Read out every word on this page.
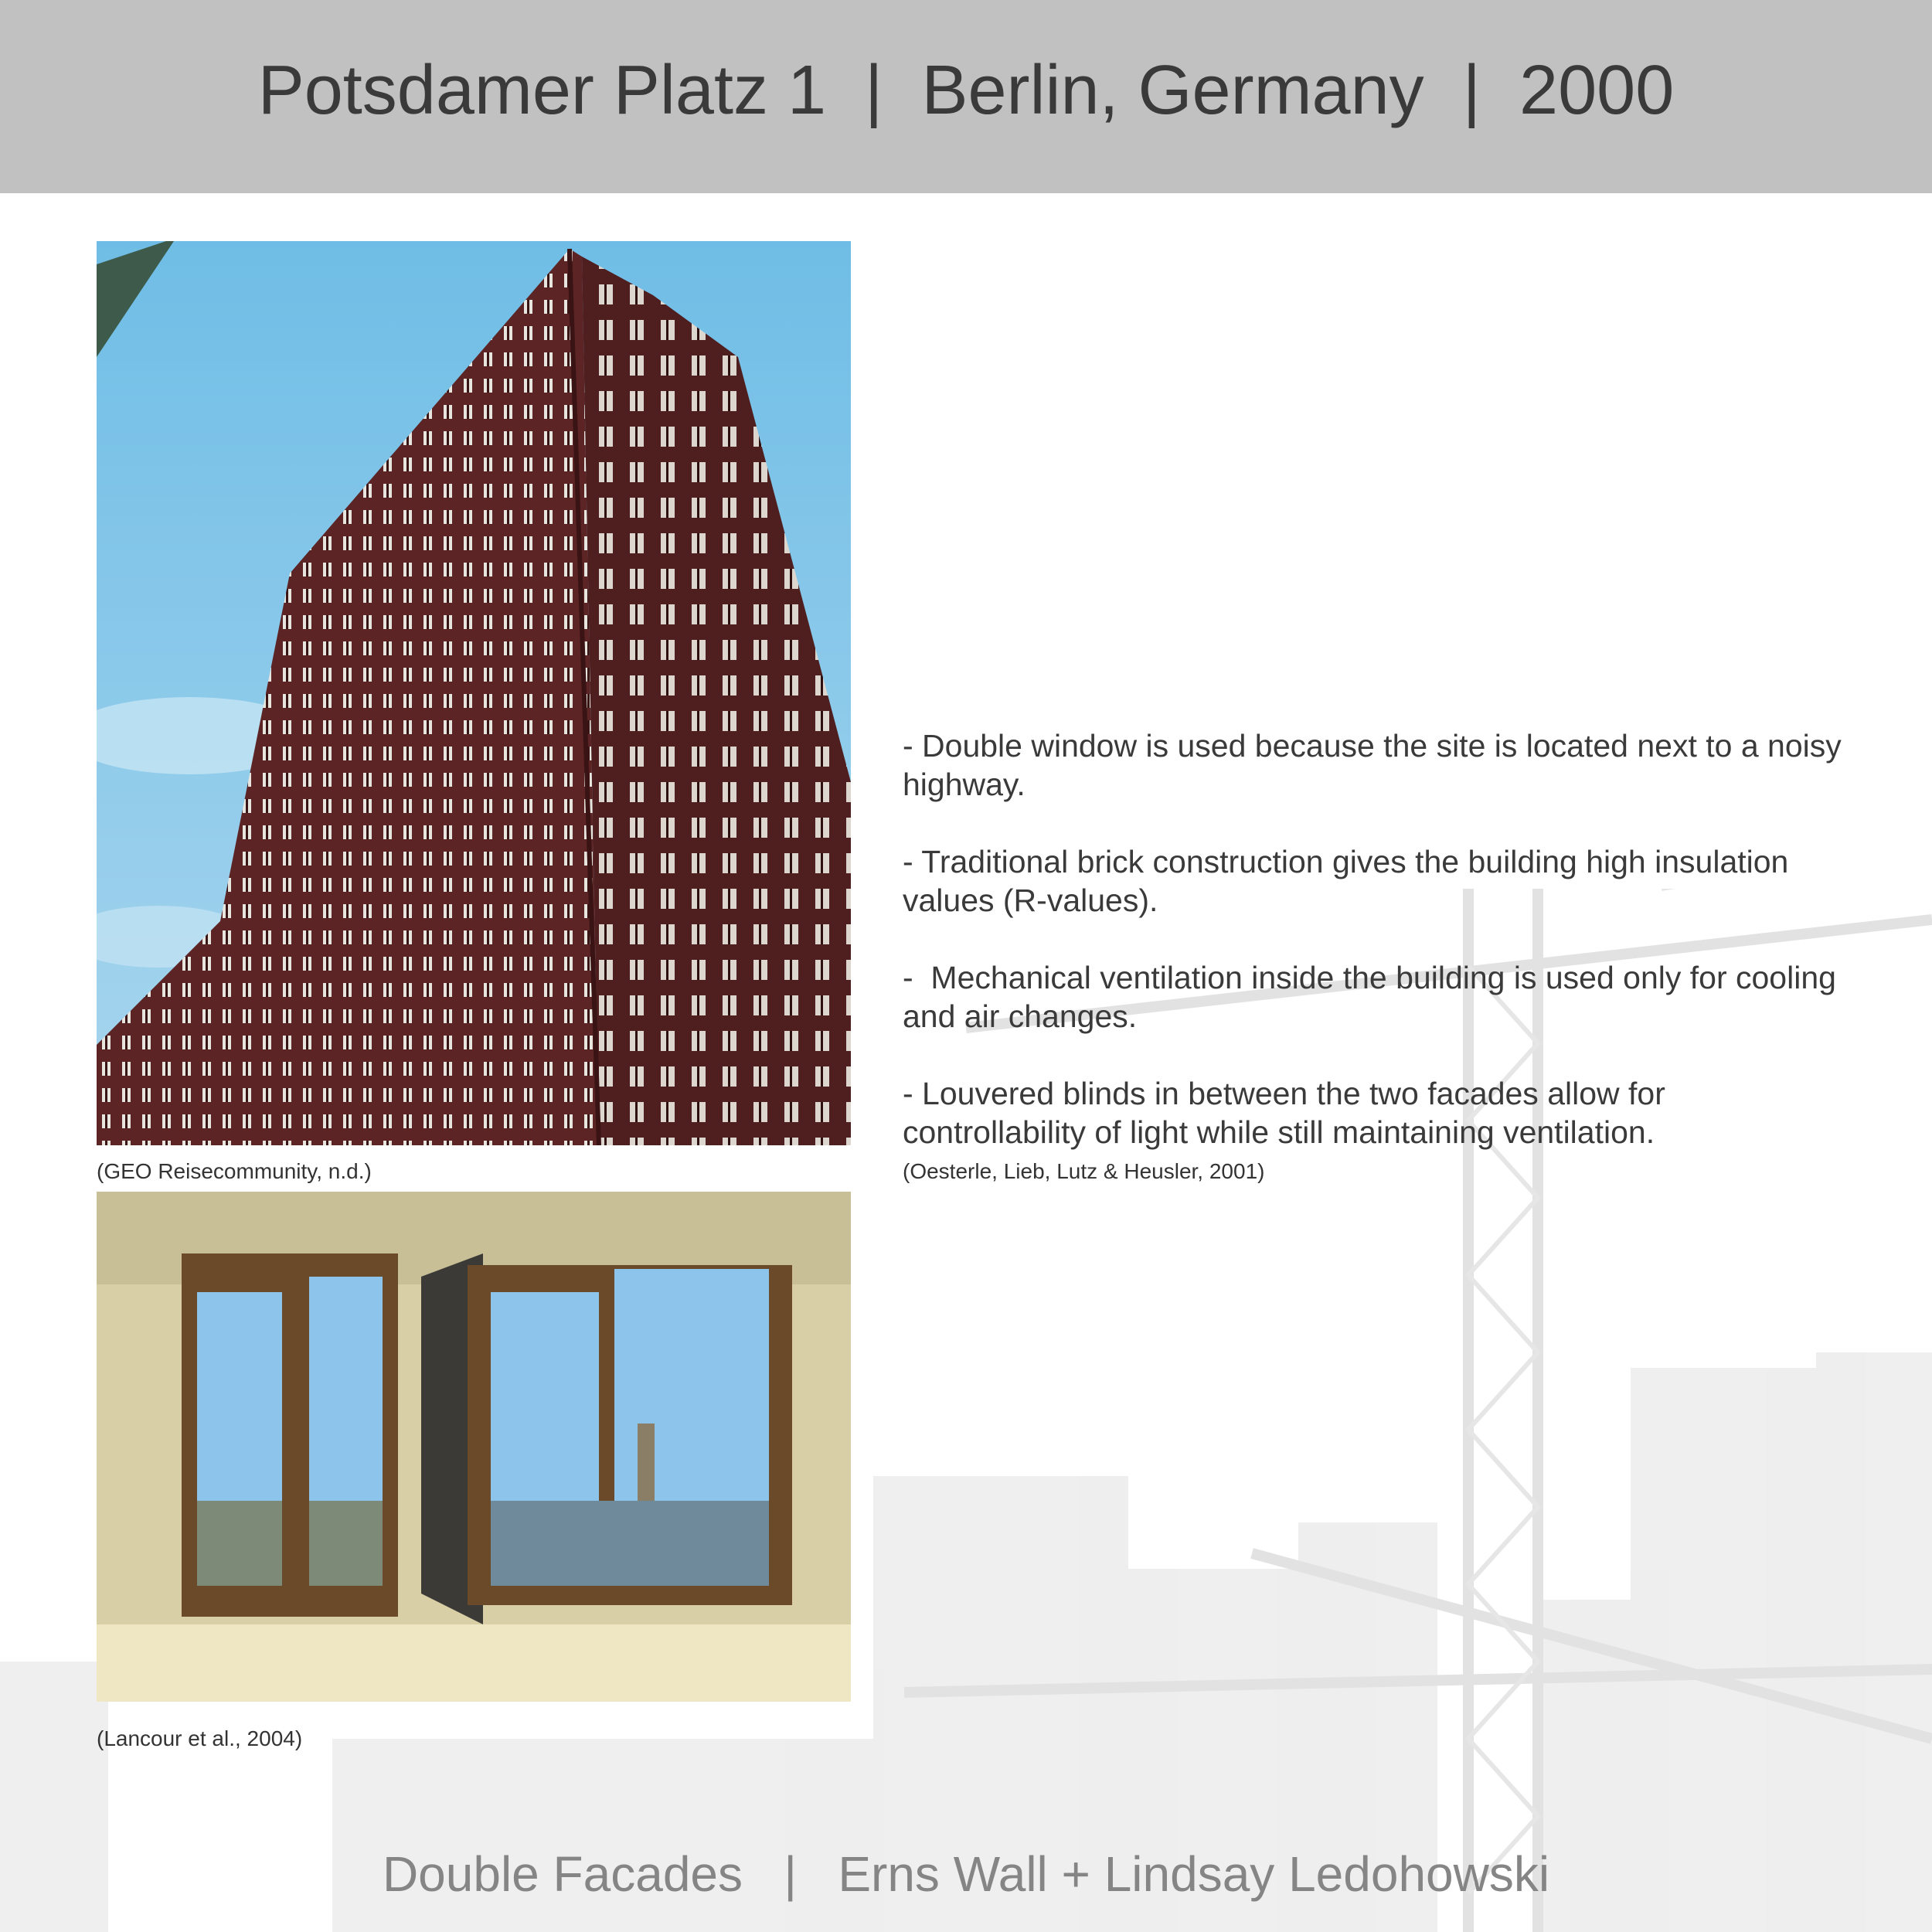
Potsdamer Platz 1  |  Berlin, Germany  |  2000
(GEO Reisecommunity, n.d.)
(Lancour et al., 2004)

- Double window is used because the site is located next to a noisy highway.

- Traditional brick construction gives the building high insulation values (R-values).

-  Mechanical ventilation inside the building is used only for cooling and air changes.

- Louvered blinds in between the two facades allow for controllability of light while still maintaining ventilation.

(Oesterle, Lieb, Lutz & Heusler, 2001)
Double Facades   |   Erns Wall + Lindsay Ledohowski
